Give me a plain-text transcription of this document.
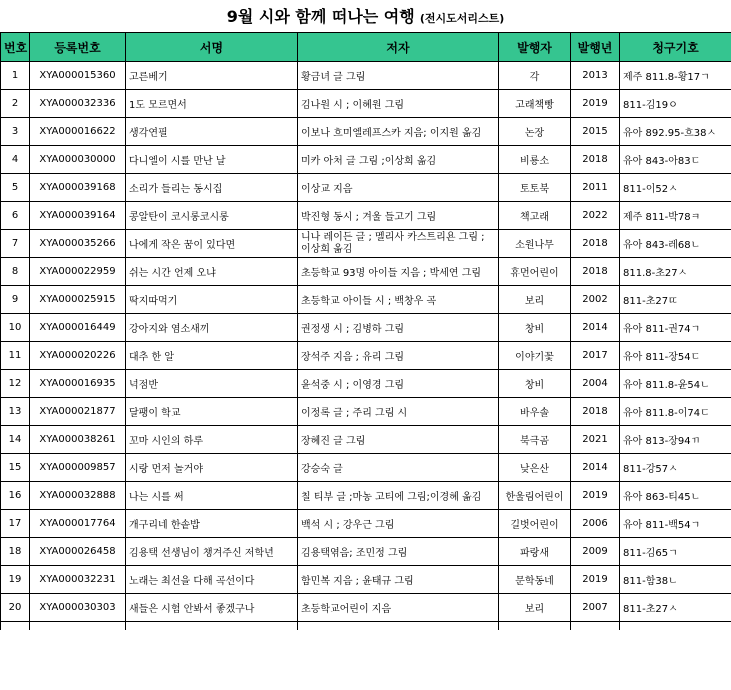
9월 시와 함께 떠나는 여행 (전시도서리스트)
번호	등록번호	서명	저자	발행자	발행년	청구기호
1	XYA000015360	고른베기	황금녀 글 그림	각	2013	제주 811.8-황17ㄱ
2	XYA000032336	1도 모르면서	김나원 시 ; 이혜원 그림	고래책빵	2019	811-김19ㅇ
3	XYA000016622	생각연필	이보나 흐미엘레프스카 지음; 이지원 옮김	논장	2015	유아 892.95-흐38ㅅ
4	XYA000030000	다니엘이 시를 만난 날	미카 아처 글 그림 ;이상희 옮김	비룡소	2018	유아 843-아83ㄷ
5	XYA000039168	소리가 들리는 동시집	이상교 지음	토토북	2011	811-이52ㅅ
6	XYA000039164	콩알탄이 코시롱코시롱	박진형 동시 ; 겨울 들고기 그림	책고래	2022	제주 811-박78ㅋ
7	XYA000035266	나에게 작은 꿈이 있다면	니나 레이든 글 ; 멜리사 카스트리욘 그림 ; 이상희 옮김	소원나무	2018	유아 843-레68ㄴ
8	XYA000022959	쉬는 시간 언제 오냐	초등학교 93명 아이들 지음 ; 박세연 그림	휴먼어린이	2018	811.8-초27ㅅ
9	XYA000025915	딱지따먹기	초등학교 아이들 시 ; 백창우 곡	보리	2002	811-초27ㄸ
10	XYA000016449	강아지와 염소새끼	권정생 시 ; 김병하 그림	창비	2014	유아 811-권74ㄱ
11	XYA000020226	대추 한 알	장석주 지음 ; 유리 그림	이야기꽃	2017	유아 811-장54ㄷ
12	XYA000016935	넉점반	윤석중 시 ; 이영경 그림	창비	2004	유아 811.8-윤54ㄴ
13	XYA000021877	달팽이 학교	이정록 글 ; 주리 그림 시	바우솔	2018	유아 811.8-이74ㄷ
14	XYA000038261	꼬마 시인의 하루	장혜진 글 그림	북극곰	2021	유아 813-장94ㄲ
15	XYA000009857	시랑 먼저 놀거야	강승숙 글	낮은산	2014	811-강57ㅅ
16	XYA000032888	나는 시를 써	칠 티부 글 ;마농 고티에 그림;이경혜 옮김	한울림어린이	2019	유아 863-티45ㄴ
17	XYA000017764	개구리네 한솥밥	백석 시 ; 강우근 그림	길벗어린이	2006	유아 811-백54ㄱ
18	XYA000026458	김용택 선생님이 챙겨주신 저학년	김용택엮음; 조민정 그림	파랑새	2009	811-김65ㄱ
19	XYA000032231	노래는 최선을 다해 곡선이다	함민복 지음 ; 윤태규 그림	문학동네	2019	811-함38ㄴ
20	XYA000030303	새들은 시험 안봐서 좋겠구나	초등학교어린이 지음	보리	2007	811-초27ㅅ
